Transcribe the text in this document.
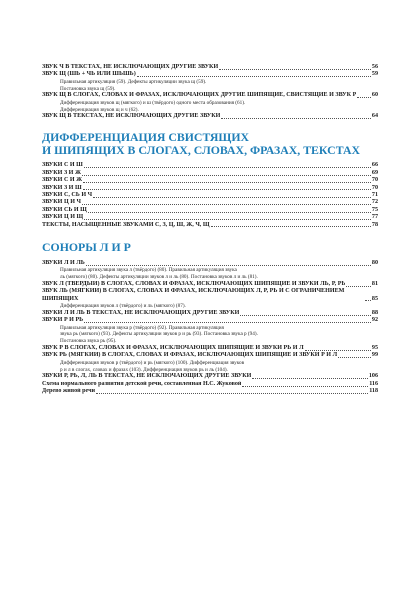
ЗВУК Ч В ТЕКСТАХ, НЕ ИСКЛЮЧАЮЩИХ ДРУГИЕ ЗВУКИ	56
ЗВУК Щ (ШЬ + ЧЬ ИЛИ ШЬШЬ)	59
Правильная артикуляция (59). Дефекты артикуляции звука щ (59).
Постановка звука щ (59).
ЗВУК Щ В СЛОГАХ, СЛОВАХ И ФРАЗАХ, ИСКЛЮЧАЮЩИХ ДРУГИЕ ШИПЯЩИЕ, СВИСТЯЩИЕ И ЗВУК Р	60
Дифференциация звуков щ (мягкого) и ш (твёрдого) одного места образования (61).
Дифференциация звуков щ и ч (62).
ЗВУК Щ В ТЕКСТАХ, НЕ ИСКЛЮЧАЮЩИХ ДРУГИЕ ЗВУКИ	64
ДИФФЕРЕНЦИАЦИЯ СВИСТЯЩИХ
И ШИПЯЩИХ В СЛОГАХ, СЛОВАХ, ФРАЗАХ, ТЕКСТАХ
ЗВУКИ С И Ш	66
ЗВУКИ З И Ж	69
ЗВУКИ С И Ж	70
ЗВУКИ З И Ш	70
ЗВУКИ С, СЬ И Ч	71
ЗВУКИ Ц И Ч	72
ЗВУКИ СЬ И Щ	75
ЗВУКИ Ц И Щ	77
ТЕКСТЫ, НАСЫЩЕННЫЕ ЗВУКАМИ С, З, Ц, Ш, Ж, Ч, Щ	78
СОНОРЫ Л И Р
ЗВУКИ Л И ЛЬ	80
Правильная артикуляция звука л (твёрдого) (80). Правильная артикуляция звука
ль (мягкого) (80). Дефекты артикуляции звуков л и ль (80). Постановка звуков л и ль (81).
ЗВУК Л (ТВЁРДЫЙ) В СЛОГАХ, СЛОВАХ И ФРАЗАХ, ИСКЛЮЧАЮЩИХ ШИПЯЩИЕ И ЗВУКИ ЛЬ, Р, РЬ	81
ЗВУК ЛЬ (МЯГКИЙ) В СЛОГАХ, СЛОВАХ И ФРАЗАХ, ИСКЛЮЧАЮЩИХ Л, Р, РЬ И С ОГРАНИЧЕНИЕМ ШИПЯЩИХ	85
Дифференциация звуков л (твёрдого) и ль (мягкого) (87).
ЗВУКИ Л И ЛЬ В ТЕКСТАХ, НЕ ИСКЛЮЧАЮЩИХ ДРУГИЕ ЗВУКИ	88
ЗВУКИ Р И РЬ	92
Правильная артикуляция звука р (твёрдого) (92). Правильная артикуляция
звука рь (мягкого) (93). Дефекты артикуляции звуков р и рь (93). Постановка звука р (94).
Постановка звука рь (95).
ЗВУК Р В СЛОГАХ, СЛОВАХ И ФРАЗАХ, ИСКЛЮЧАЮЩИХ ШИПЯЩИЕ И ЗВУКИ РЬ И Л	95
ЗВУК РЬ (МЯГКИЙ) В СЛОГАХ, СЛОВАХ И ФРАЗАХ, ИСКЛЮЧАЮЩИХ ШИПЯЩИЕ И ЗВУКИ Р И Л	99
Дифференциация звуков р (твёрдого) и рь (мягкого) (100). Дифференциация звуков
р и л в слогах, словах и фразах (103). Дифференциация звуков рь и ль (104).
ЗВУКИ Р, РЬ, Л, ЛЬ В ТЕКСТАХ, НЕ ИСКЛЮЧАЮЩИХ ДРУГИЕ ЗВУКИ	106
Схема нормального развития детской речи, составленная Н.С. Жуковой	116
Дерево живой речи	118
